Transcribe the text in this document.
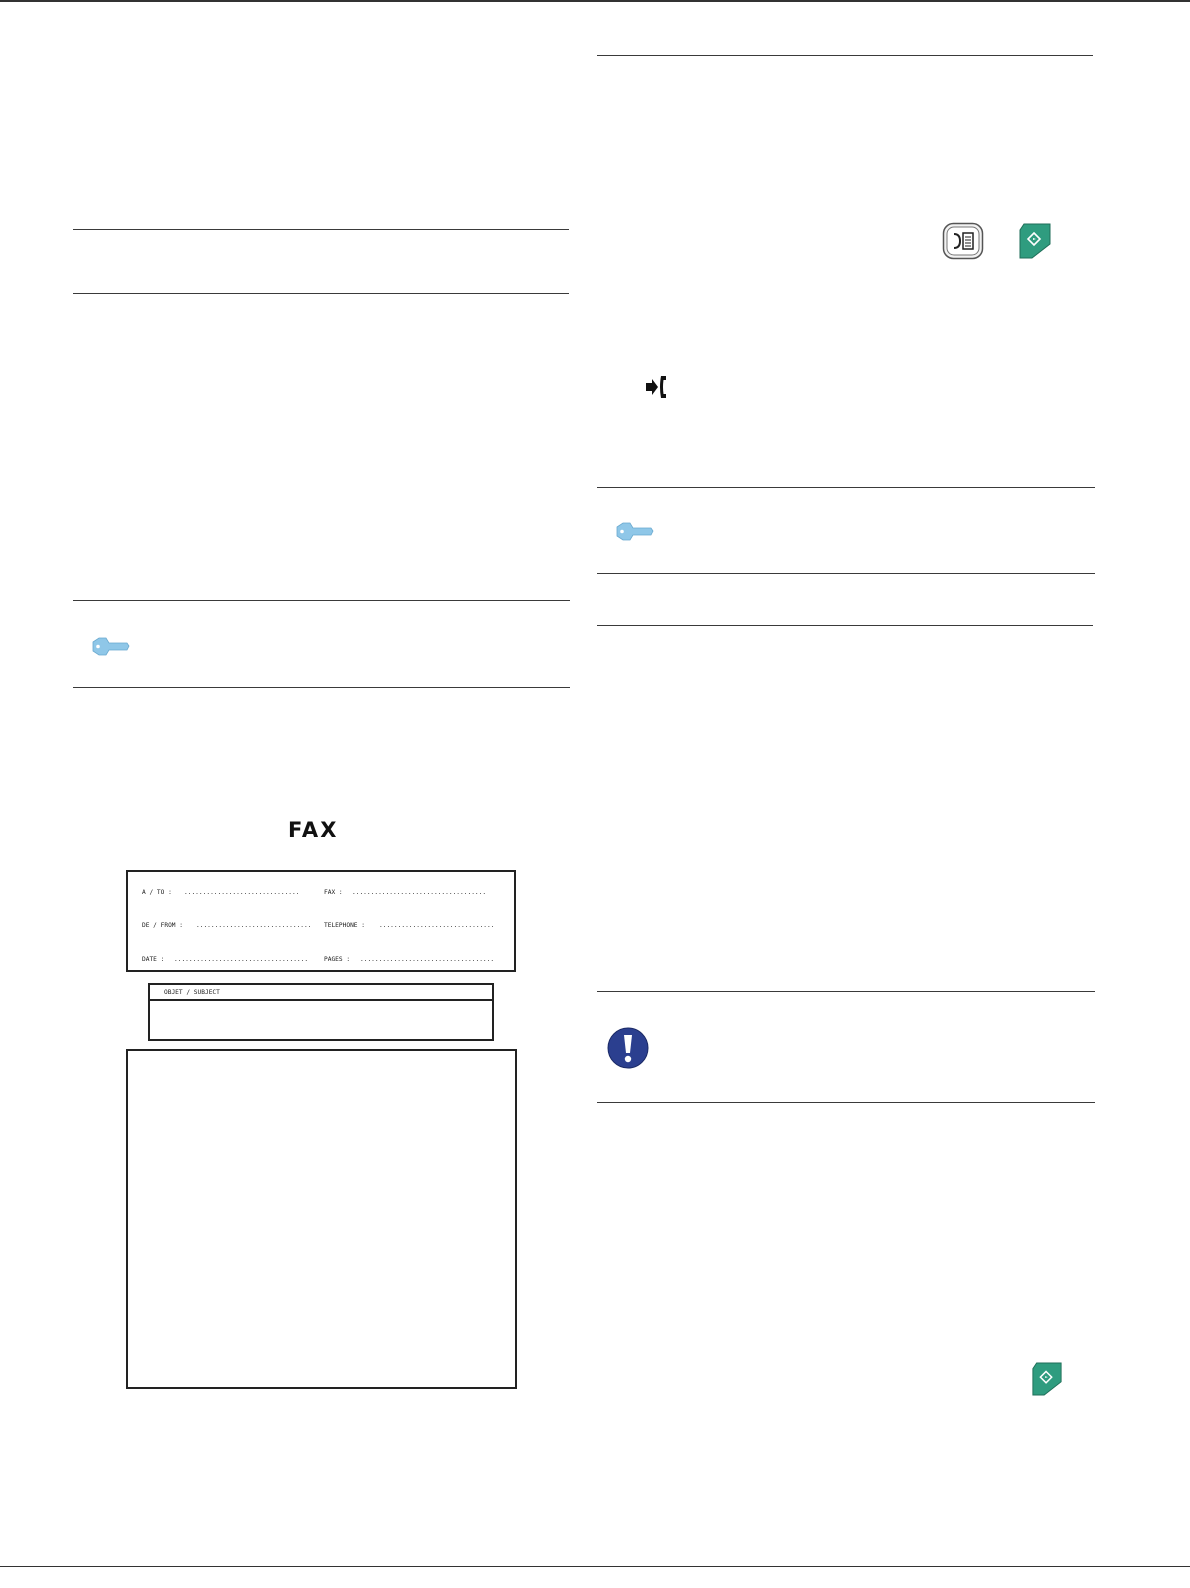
FAX
A / TO : ...............................	FAX : ....................................
DE / FROM : ............................... TELEPHONE : ...............................
DATE : ....................................	PAGES : ....................................
OBJET / SUBJECT
